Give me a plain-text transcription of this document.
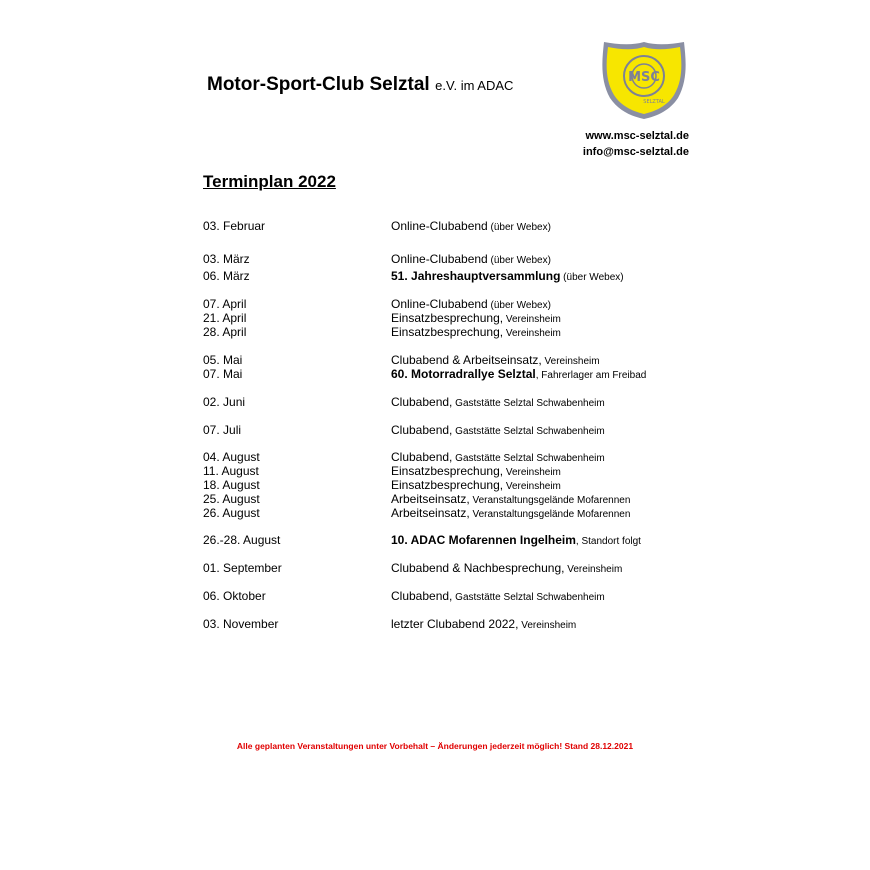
Motor-Sport-Club Selztal e.V. im ADAC
MSC
SELZTAL
www.msc-selztal.de
info@msc-selztal.de
Terminplan 2022
03. Februar	Online-Clubabend (über Webex)
03. März	Online-Clubabend (über Webex)
06. März	51. Jahreshauptversammlung (über Webex)
07. April	Online-Clubabend (über Webex)
21. April	Einsatzbesprechung, Vereinsheim
28. April	Einsatzbesprechung, Vereinsheim
05. Mai	Clubabend & Arbeitseinsatz, Vereinsheim
07. Mai	60. Motorradrallye Selztal, Fahrerlager am Freibad
02. Juni	Clubabend, Gaststätte Selztal Schwabenheim
07. Juli	Clubabend, Gaststätte Selztal Schwabenheim
04. August	Clubabend, Gaststätte Selztal Schwabenheim
11. August	Einsatzbesprechung, Vereinsheim
18. August	Einsatzbesprechung, Vereinsheim
25. August	Arbeitseinsatz, Veranstaltungsgelände Mofarennen
26. August	Arbeitseinsatz, Veranstaltungsgelände Mofarennen
26.-28. August	10. ADAC Mofarennen Ingelheim, Standort folgt
01. September	Clubabend & Nachbesprechung, Vereinsheim
06. Oktober	Clubabend, Gaststätte Selztal Schwabenheim
03. November	letzter Clubabend 2022, Vereinsheim
Alle geplanten Veranstaltungen unter Vorbehalt – Änderungen jederzeit möglich! Stand 28.12.2021
